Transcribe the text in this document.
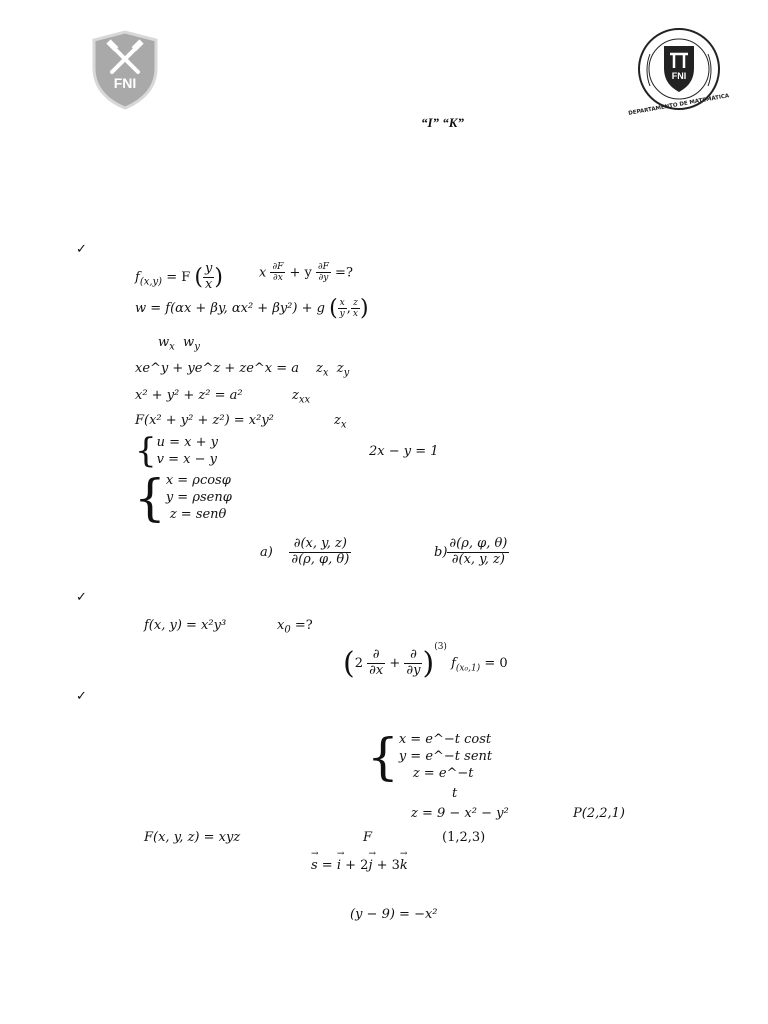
FNI
DEPARTAMENTO DE MATEMÁTICA
FNI
“I” “K”
✓
$f_{(x,y)} = F$ ( $\frac{y}{x}$ )	x $\frac{\partial F}{\partial x} + y \frac{\partial F}{\partial y}$ =?
w = f(αx + βy, αx² + βy²) + g ( $\frac{x}{y}$ , $\frac{z}{x}$ )
$w_x$ $w_y$
xe^y + ye^z + ze^x = a $z_x$ $z_y$
x² + y² + z² = a²	$z_{xx}$
F(x² + y² + z²) = x²y²	$z_x$
{ u = x + y
v = x − y
2x − y = 1
{ x = ρcosφ
y = ρsenφ
z = senθ
$a) \frac{\partial(x, y, z)}{\partial(\rho, \varphi, \theta)}$	$b) \frac{\partial(\rho, \varphi, \theta)}{\partial(x, y, z)}$
✓
f(x, y) = x²y³	$x_0$ =?
$(2 \frac{\partial}{\partial x} + \frac{\partial}{\partial y} )^{(3)}$ $f_{(x_0,1)} = 0$
✓
{ x = e^−t cost
y = e^−t sent
z = e^−t
t
z = 9 − x² − y²	P(2,2,1)
F(x, y, z) = xyz	F	(1,2,3)
→ s = → i + 2→ j + 3→ k
(y − 9) = −x²
